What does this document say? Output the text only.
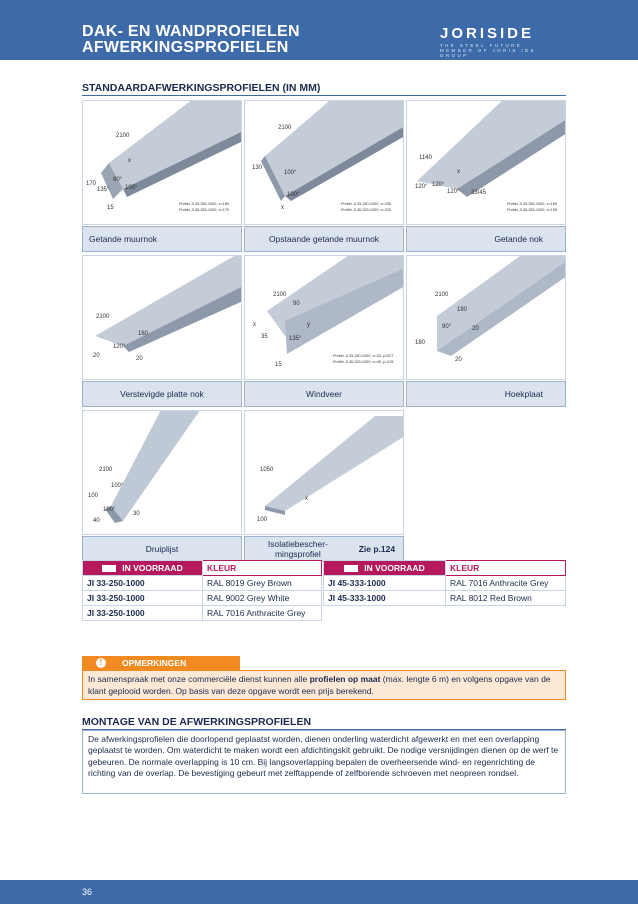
DAK- EN WANDPROFIELEN
AFWERKINGSPROFIELEN
JORISIDE
THE STEEL FUTURE · MEMBER OF JORIS IDE GROUP
STANDAARDAFWERKINGSPROFIELEN (IN MM)
2100
x
80°
170
135°	100°
15
Profiel JI 33-250-1000, x=180
Profiel JI 45-333-1000, x=170
2100
130
100°
x
100°
Profiel JI 33-250-1000, x=235
Profiel JI 45-333-1000, x=225
1140
x
120° 120°
120° 33/45
Profiel JI 33-250-1000, x=165
Profiel JI 45-333-1000, x=155
Getande muurnok	Opstaande getande muurnok	Getande nok
2100
180
120°
20	20
2100
90
x	y
35	135°
15
Profiel JI 33-250-1000, x=33, y=227
Profiel JI 45-333-1000, x=45, y=215
2100
180
90°	20
180
20
Verstevigde platte nok	Windveer	Hoekplaat
2100
100°
100
100°
40
30
1050
x
100
Druiplijst	Isolatiebescher-mingsprofiel	Zie p.124
IN VOORRAAD	KLEUR
JI 33-250-1000	RAL 8019 Grey Brown
JI 33-250-1000	RAL 9002 Grey White
JI 33-250-1000	RAL 7016 Anthracite Grey
IN VOORRAAD	KLEUR
JI 45-333-1000	RAL 7016 Anthracite Grey
JI 45-333-1000	RAL 8012 Red Brown
!	OPMERKINGEN
In samenspraak met onze commerciële dienst kunnen alle profielen op maat (max. lengte 6 m) en volgens opgave van de klant geplooid worden. Op basis van deze opgave wordt een prijs berekend.
MONTAGE VAN DE AFWERKINGSPROFIELEN
De afwerkingsprofielen die doorlopend geplaatst worden, dienen onderling waterdicht afgewerkt en met een overlapping geplaatst te worden. Om waterdicht te maken wordt een afdichtingskit gebruikt. De nodige versnijdingen dienen op de werf te gebeuren. De normale overlapping is 10 cm. Bij langsoverlapping bepalen de overheersende wind- en regenrichting de richting van de overlap. De bevestiging gebeurt met zelftappende of zelfborende schroeven met neopreen rondsel.
36
